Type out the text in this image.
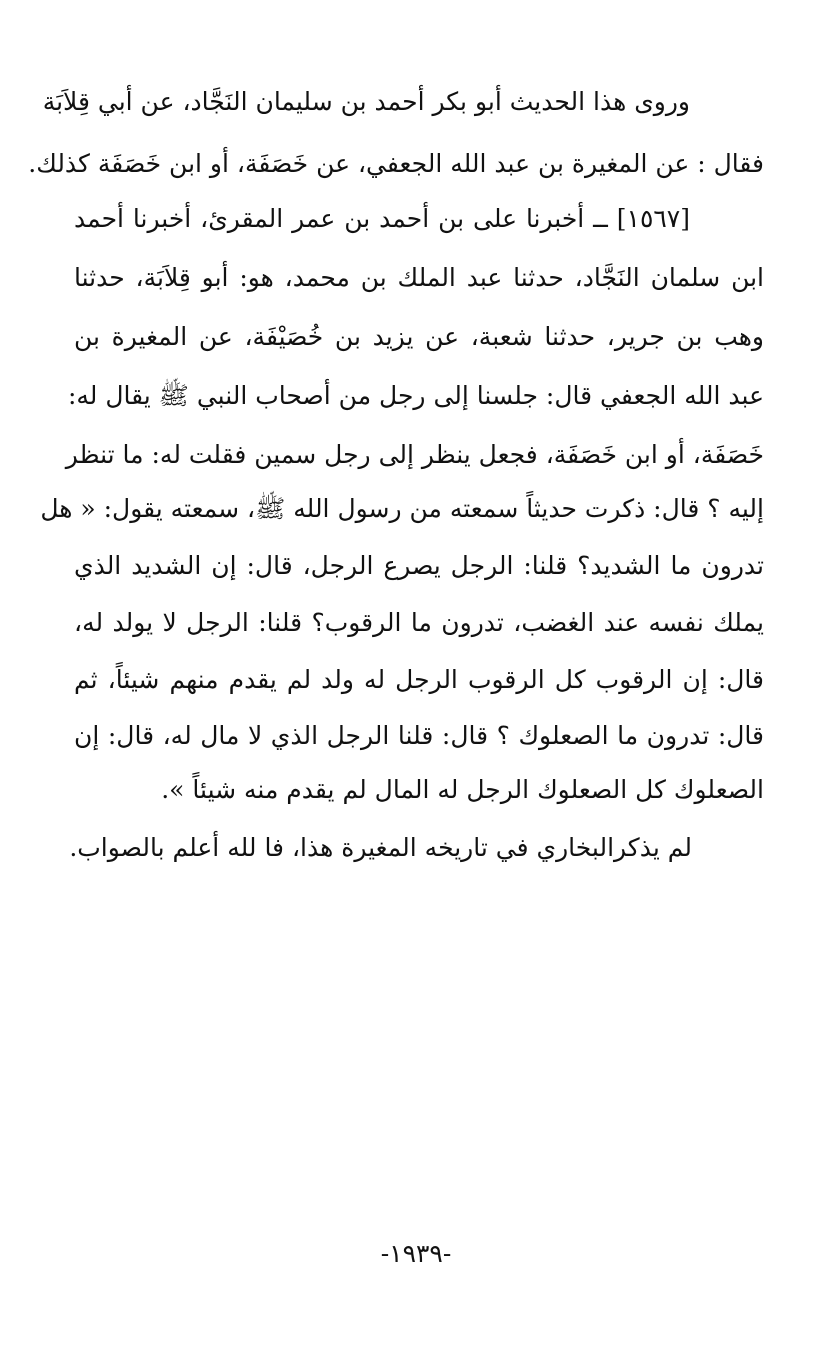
وروى هذا الحديث أبو بكر أحمد بن سليمان النَجَّاد، عن أبي قِلاَبَة
فقال : عن المغيرة بن عبد الله الجعفي، عن خَصَفَة، أو ابن خَصَفَة كذلك.
[١٥٦٧] ــ أخبرنا على بن أحمد بن عمر المقرئ، أخبرنا أحمد
ابن سلمان النَجَّاد، حدثنا عبد الملك بن محمد، هو: أبو قِلاَبَة، حدثنا
وهب بن جرير، حدثنا شعبة، عن يزيد بن خُصَيْفَة، عن المغيرة بن
عبد الله الجعفي قال: جلسنا إلى رجل من أصحاب النبي ﷺ يقال له:
خَصَفَة، أو ابن خَصَفَة، فجعل ينظر إلى رجل سمين فقلت له: ما تنظر
إليه ؟ قال: ذكرت حديثاً سمعته من رسول الله ﷺ، سمعته يقول: « هل
تدرون ما الشديد؟ قلنا: الرجل يصرع الرجل، قال: إن الشديد الذي
يملك نفسه عند الغضب، تدرون ما الرقوب؟ قلنا: الرجل لا يولد له،
قال: إن الرقوب كل الرقوب الرجل له ولد لم يقدم منهم شيئاً، ثم
قال: تدرون ما الصعلوك ؟ قال: قلنا الرجل الذي لا مال له، قال: إن
الصعلوك كل الصعلوك الرجل له المال لم يقدم منه شيئاً ».
لم يذكرالبخاري في تاريخه المغيرة هذا، فا لله أعلم بالصواب.
-١٩٣٩-
